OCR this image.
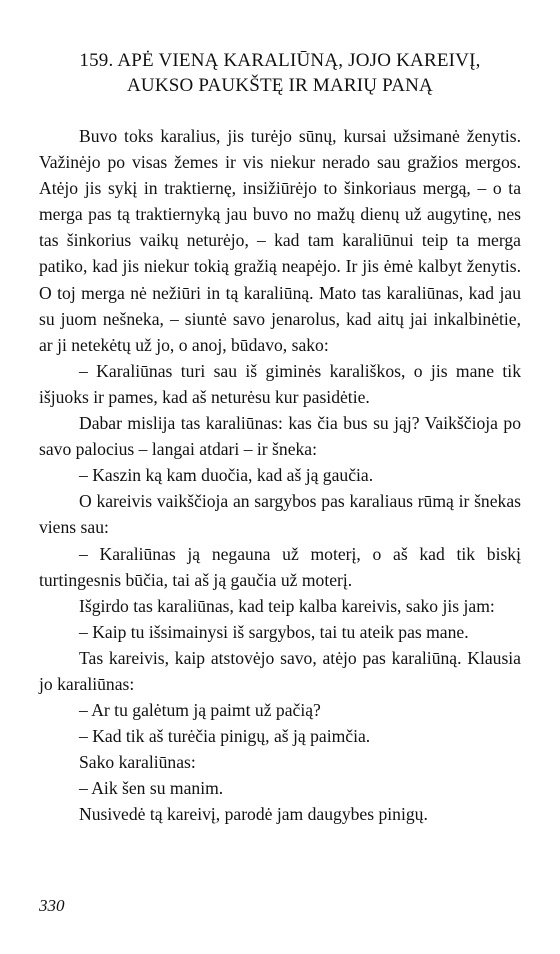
159. APĖ VIENĄ KARALIŪNĄ, JOJO KAREIVĮ,
AUKSO PAUKŠTĘ IR MARIŲ PANĄ

Buvo toks karalius, jis turėjo sūnų, kursai užsimanė ženytis. Važinėjo po visas žemes ir vis niekur nerado sau gražios mergos. Atėjo jis sykį in traktiernę, insižiūrėjo to šinkoriaus mergą, – o ta merga pas tą traktiernyką jau buvo no mažų dienų už augytinę, nes tas šinkorius vaikų neturėjo, – kad tam karaliūnui teip ta merga patiko, kad jis niekur tokią gražią neapėjo. Ir jis ėmė kalbyt ženytis. O toj merga nė nežiūri in tą karaliūną. Mato tas karaliūnas, kad jau su juom nešneka, – siuntė savo jenarolus, kad aitų jai inkalbinėtie, ar ji netekėtų už jo, o anoj, būdavo, sako:

– Karaliūnas turi sau iš giminės karališkos, o jis mane tik išjuoks ir pames, kad aš neturėsu kur pasidėtie.

Dabar mislija tas karaliūnas: kas čia bus su jąj? Vaikščioja po savo palocius – langai atdari – ir šneka:

– Kaszin ką kam duočia, kad aš ją gaučia.

O kareivis vaikščioja an sargybos pas karaliaus rūmą ir šnekas viens sau:

– Karaliūnas ją negauna už moterį, o aš kad tik biskį turtingesnis būčia, tai aš ją gaučia už moterį.

Išgirdo tas karaliūnas, kad teip kalba kareivis, sako jis jam:

– Kaip tu išsimainysi iš sargybos, tai tu ateik pas mane.

Tas kareivis, kaip atstovėjo savo, atėjo pas karaliūną. Klausia jo karaliūnas:

– Ar tu galėtum ją paimt už pačią?

– Kad tik aš turėčia pinigų, aš ją paimčia.

Sako karaliūnas:

– Aik šen su manim.

Nusivedė tą kareivį, parodė jam daugybes pinigų.

330
